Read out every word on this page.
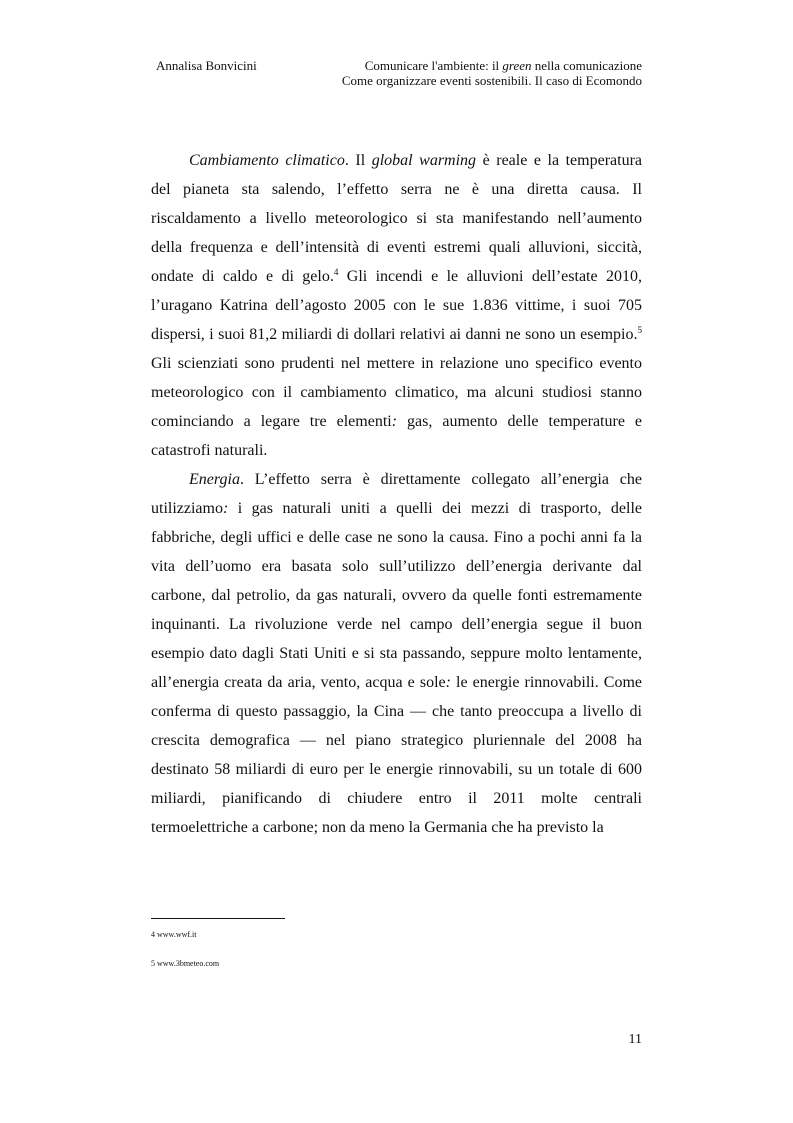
Annalisa Bonvicini	Comunicare l'ambiente: il green nella comunicazione
Come organizzare eventi sostenibili. Il caso di Ecomondo

Cambiamento climatico. Il global warming è reale e la temperatura del pianeta sta salendo, l’effetto serra ne è una diretta causa. Il riscaldamento a livello meteorologico si sta manifestando nell’aumento della frequenza e dell’intensità di eventi estremi quali alluvioni, siccità, ondate di caldo e di gelo.$^4$ Gli incendi e le alluvioni dell’estate 2010, l’uragano Katrina dell’agosto 2005 con le sue 1.836 vittime, i suoi 705 dispersi, i suoi 81,2 miliardi di dollari relativi ai danni ne sono un esempio.$^5$ Gli scienziati sono prudenti nel mettere in relazione uno specifico evento meteorologico con il cambiamento climatico, ma alcuni studiosi stanno cominciando a legare tre elementi: gas, aumento delle temperature e catastrofi naturali.

Energia. L’effetto serra è direttamente collegato all’energia che utilizziamo: i gas naturali uniti a quelli dei mezzi di trasporto, delle fabbriche, degli uffici e delle case ne sono la causa. Fino a pochi anni fa la vita dell’uomo era basata solo sull’utilizzo dell’energia derivante dal carbone, dal petrolio, da gas naturali, ovvero da quelle fonti estremamente inquinanti. La rivoluzione verde nel campo dell’energia segue il buon esempio dato dagli Stati Uniti e si sta passando, seppure molto lentamente, all’energia creata da aria, vento, acqua e sole: le energie rinnovabili. Come conferma di questo passaggio, la Cina — che tanto preoccupa a livello di crescita demografica — nel piano strategico pluriennale del 2008 ha destinato 58 miliardi di euro per le energie rinnovabili, su un totale di 600 miliardi, pianificando di chiudere entro il 2011 molte centrali termoelettriche a carbone; non da meno la Germania che ha previsto la

4 www.wwf.it
5 www.3bmeteo.com
11
